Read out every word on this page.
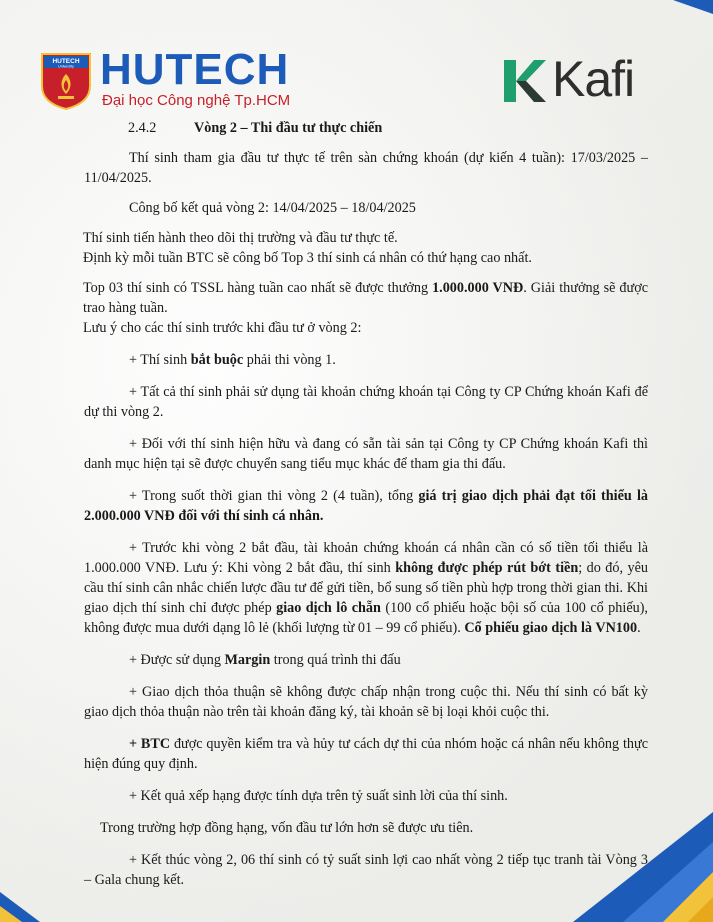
HUTECH
University HUTECH
Đại học Công nghệ Tp.HCM	Kafi

2.4.2	Vòng 2 – Thi đầu tư thực chiến

Thí sinh tham gia đầu tư thực tế trên sàn chứng khoán (dự kiến 4 tuần): 17/03/2025 – 11/04/2025.

Công bố kết quả vòng 2: 14/04/2025 – 18/04/2025

Thí sinh tiến hành theo dõi thị trường và đầu tư thực tế.

Định kỳ mỗi tuần BTC sẽ công bố Top 3 thí sinh cá nhân có thứ hạng cao nhất.

Top 03 thí sinh có TSSL hàng tuần cao nhất sẽ được thưởng 1.000.000 VNĐ. Giải thưởng sẽ được trao hàng tuần.

Lưu ý cho các thí sinh trước khi đầu tư ở vòng 2:

+ Thí sinh bắt buộc phải thi vòng 1.

+ Tất cả thí sinh phải sử dụng tài khoản chứng khoán tại Công ty CP Chứng khoán Kafi để dự thi vòng 2.

+ Đối với thí sinh hiện hữu và đang có sẵn tài sản tại Công ty CP Chứng khoán Kafi thì danh mục hiện tại sẽ được chuyển sang tiểu mục khác để tham gia thi đấu.

+ Trong suốt thời gian thi vòng 2 (4 tuần), tổng giá trị giao dịch phải đạt tối thiểu là 2.000.000 VNĐ đối với thí sinh cá nhân.

+ Trước khi vòng 2 bắt đầu, tài khoản chứng khoán cá nhân cần có số tiền tối thiểu là 1.000.000 VNĐ. Lưu ý: Khi vòng 2 bắt đầu, thí sinh không được phép rút bớt tiền; do đó, yêu cầu thí sinh cân nhắc chiến lược đầu tư để gửi tiền, bổ sung số tiền phù hợp trong thời gian thi. Khi giao dịch thí sinh chỉ được phép giao dịch lô chẵn (100 cổ phiếu hoặc bội số của 100 cổ phiếu), không được mua dưới dạng lô lẻ (khối lượng từ 01 – 99 cổ phiếu). Cổ phiếu giao dịch là VN100.

+ Được sử dụng Margin trong quá trình thi đấu

+ Giao dịch thỏa thuận sẽ không được chấp nhận trong cuộc thi. Nếu thí sinh có bất kỳ giao dịch thỏa thuận nào trên tài khoản đăng ký, tài khoản sẽ bị loại khỏi cuộc thi.

+ BTC được quyền kiểm tra và hủy tư cách dự thi của nhóm hoặc cá nhân nếu không thực hiện đúng quy định.

+ Kết quả xếp hạng được tính dựa trên tỷ suất sinh lời của thí sinh.

Trong trường hợp đồng hạng, vốn đầu tư lớn hơn sẽ được ưu tiên.

+ Kết thúc vòng 2, 06 thí sinh có tỷ suất sinh lợi cao nhất vòng 2 tiếp tục tranh tài Vòng 3 – Gala chung kết.
